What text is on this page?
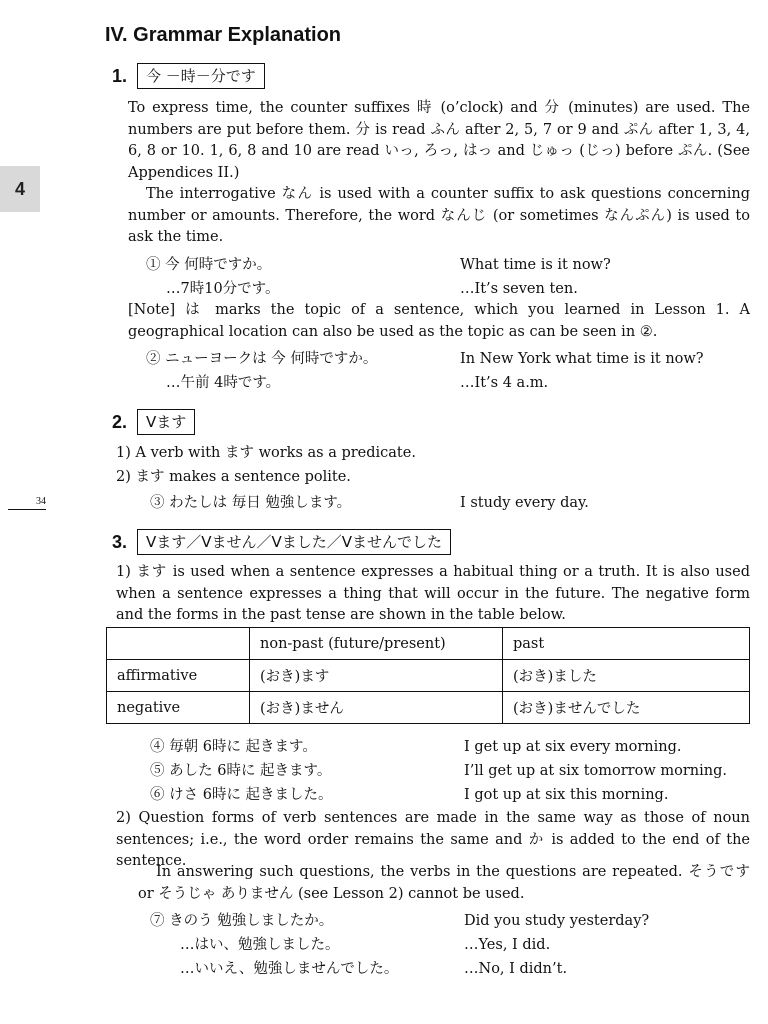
4
34
IV. Grammar Explanation
1.	今 －時－分です

To express time, the counter suffixes 時 (o’clock) and 分 (minutes) are used. The numbers are put before them. 分 is read ふん after 2, 5, 7 or 9 and ぷん after 1, 3, 4, 6, 8 or 10. 1, 6, 8 and 10 are read いっ, ろっ, はっ and じゅっ (じっ) before ぷん. (See Appendices II.)

The interrogative なん is used with a counter suffix to ask questions concerning number or amounts. Therefore, the word なんじ (or sometimes なんぷん) is used to ask the time.

① 今 何時ですか。	What time is it now?
…7時10分です。	…It’s seven ten.

[Note] は marks the topic of a sentence, which you learned in Lesson 1. A geographical location can also be used as the topic as can be seen in ②.

② ニューヨークは 今 何時ですか。	In New York what time is it now?
…午前 4時です。	…It’s 4 a.m.
2.	Vます

1) A verb with ます works as a predicate.

2) ます makes a sentence polite.

③ わたしは 毎日 勉強します。	I study every day.
3.	Vます／Vません／Vました／Vませんでした

1) ます is used when a sentence expresses a habitual thing or a truth. It is also used when a sentence expresses a thing that will occur in the future. The negative form and the forms in the past tense are shown in the table below.

	non-past (future/present)	past
affirmative	(おき)ます	(おき)ました
negative	(おき)ません	(おき)ませんでした
④ 毎朝 6時に 起きます。	I get up at six every morning.
⑤ あした 6時に 起きます。	I’ll get up at six tomorrow morning.
⑥ けさ 6時に 起きました。	I got up at six this morning.

2) Question forms of verb sentences are made in the same way as those of noun sentences; i.e., the word order remains the same and か is added to the end of the sentence.

In answering such questions, the verbs in the questions are repeated. そうです or そうじゃ ありません (see Lesson 2) cannot be used.

⑦ きのう 勉強しましたか。	Did you study yesterday?
…はい、勉強しました。	…Yes, I did.
…いいえ、勉強しませんでした。	…No, I didn’t.
